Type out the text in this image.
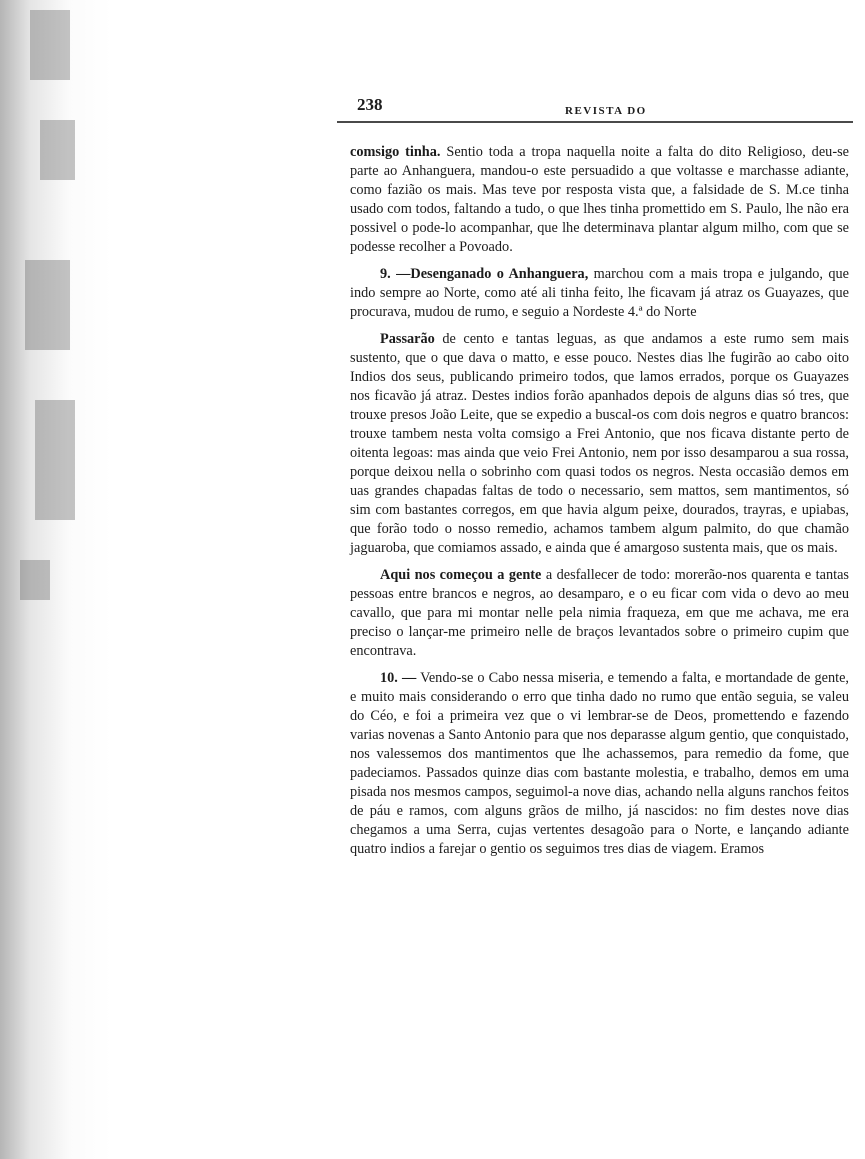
238	REVISTA DO

comsigo tinha. Sentio toda a tropa naquella noite a falta do dito Religioso, deu-se parte ao Anhanguera, mandou-o este persuadido a que voltasse e marchasse adiante, como fazião os mais. Mas teve por resposta vista que, a falsidade de S. M.ce tinha usado com todos, faltando a tudo, o que lhes tinha promettido em S. Paulo, lhe não era possivel o pode-lo acompanhar, que lhe determinava plantar algum milho, com que se podesse recolher a Povoado.

9. —Desenganado o Anhanguera, marchou com a mais tropa e julgando, que indo sempre ao Norte, como até ali tinha feito, lhe ficavam já atraz os Guayazes, que procurava, mudou de rumo, e seguio a Nordeste 4.ª do Norte

Passarão de cento e tantas leguas, as que andamos a este rumo sem mais sustento, que o que dava o matto, e esse pouco. Nestes dias lhe fugirão ao cabo oito Indios dos seus, publicando primeiro todos, que lamos errados, porque os Guayazes nos ficavão já atraz. Destes indios forão apanhados depois de alguns dias só tres, que trouxe presos João Leite, que se expedio a buscal-os com dois negros e quatro brancos: trouxe tambem nesta volta comsigo a Frei Antonio, que nos ficava distante perto de oitenta legoas: mas ainda que veio Frei Antonio, nem por isso desamparou a sua rossa, porque deixou nella o sobrinho com quasi todos os negros. Nesta occasião demos em uas grandes chapadas faltas de todo o necessario, sem mattos, sem mantimentos, só sim com bastantes corregos, em que havia algum peixe, dourados, trayras, e upiabas, que forão todo o nosso remedio, achamos tambem algum palmito, do que chamão jaguaroba, que comiamos assado, e ainda que é amargoso sustenta mais, que os mais.

Aqui nos começou a gente a desfallecer de todo: morerão-nos quarenta e tantas pessoas entre brancos e negros, ao desamparo, e o eu ficar com vida o devo ao meu cavallo, que para mi montar nelle pela nimia fraqueza, em que me achava, me era preciso o lançar-me primeiro nelle de braços levantados sobre o primeiro cupim que encontrava.

10. — Vendo-se o Cabo nessa miseria, e temendo a falta, e mortandade de gente, e muito mais considerando o erro que tinha dado no rumo que então seguia, se valeu do Céo, e foi a primeira vez que o vi lembrar-se de Deos, promettendo e fazendo varias novenas a Santo Antonio para que nos deparasse algum gentio, que conquistado, nos valessemos dos mantimentos que lhe achassemos, para remedio da fome, que padeciamos. Passados quinze dias com bastante molestia, e trabalho, demos em uma pisada nos mesmos campos, seguimol-a nove dias, achando nella alguns ranchos feitos de páu e ramos, com alguns grãos de milho, já nascidos: no fim destes nove dias chegamos a uma Serra, cujas vertentes desagoão para o Norte, e lançando adiante quatro indios a farejar o gentio os seguimos tres dias de viagem. Eramos
